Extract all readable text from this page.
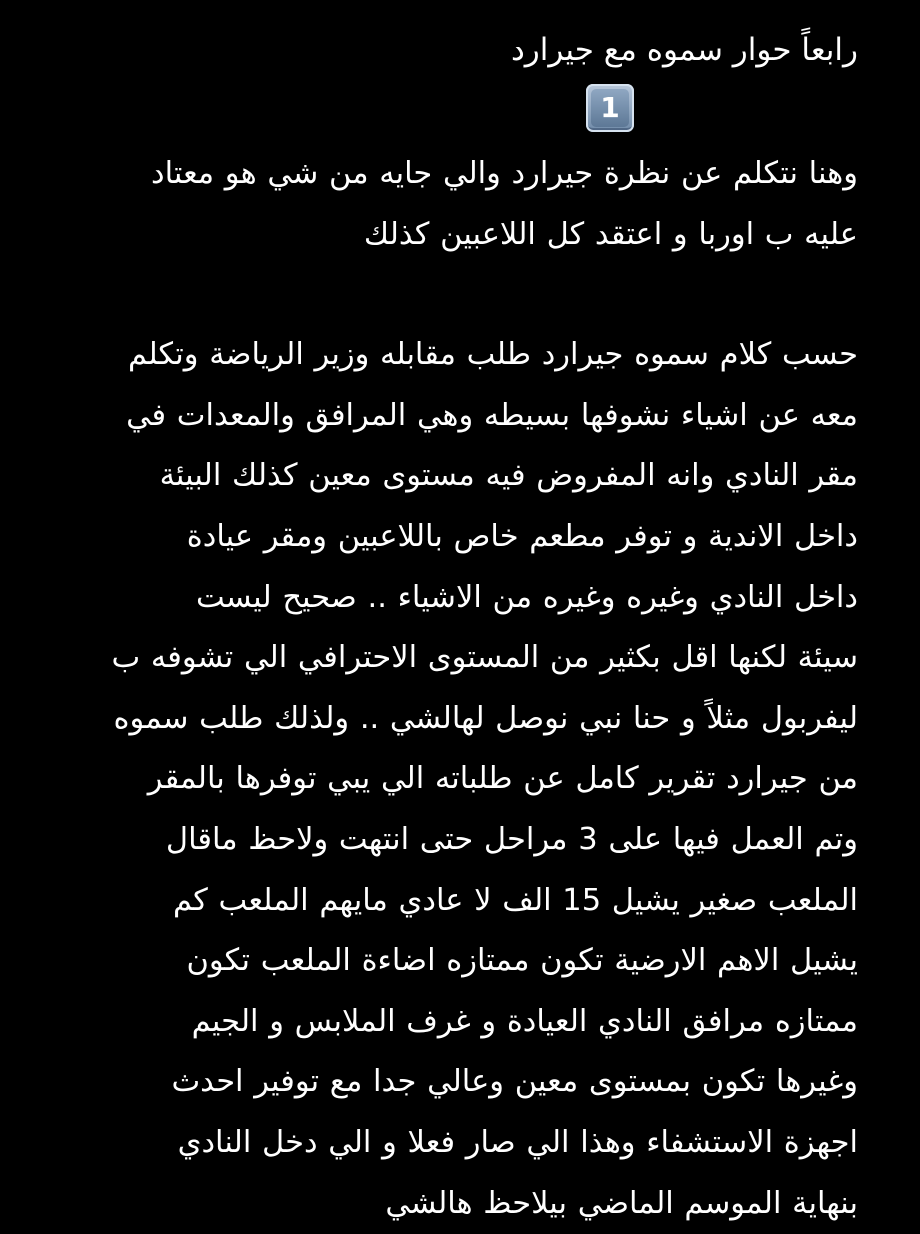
رابعاً حوار سموه مع جيرارد
1
وهنا نتكلم عن نظرة جيرارد والي جايه من شي هو معتاد
عليه ب اوربا و اعتقد كل اللاعبين كذلك
حسب كلام سموه جيرارد طلب مقابله وزير الرياضة وتكلم
معه عن اشياء نشوفها بسيطه وهي المرافق والمعدات في
مقر النادي وانه المفروض فيه مستوى معين كذلك البيئة
داخل الاندية و توفر مطعم خاص باللاعبين ومقر عيادة
داخل النادي وغيره وغيره من الاشياء .. صحيح ليست
سيئة لكنها اقل بكثير من المستوى الاحترافي الي تشوفه ب
ليفربول مثلاً و حنا نبي نوصل لهالشي .. ولذلك طلب سموه
من جيرارد تقرير كامل عن طلباته الي يبي توفرها بالمقر
وتم العمل فيها على 3 مراحل حتى انتهت ولاحظ ماقال
الملعب صغير يشيل 15 الف لا عادي مايهم الملعب كم
يشيل الاهم الارضية تكون ممتازه اضاءة الملعب تكون
ممتازه مرافق النادي العيادة و غرف الملابس و الجيم
وغيرها تكون بمستوى معين وعالي جدا مع توفير احدث
اجهزة الاستشفاء وهذا الي صار فعلا و الي دخل النادي
بنهاية الموسم الماضي بيلاحظ هالشي
